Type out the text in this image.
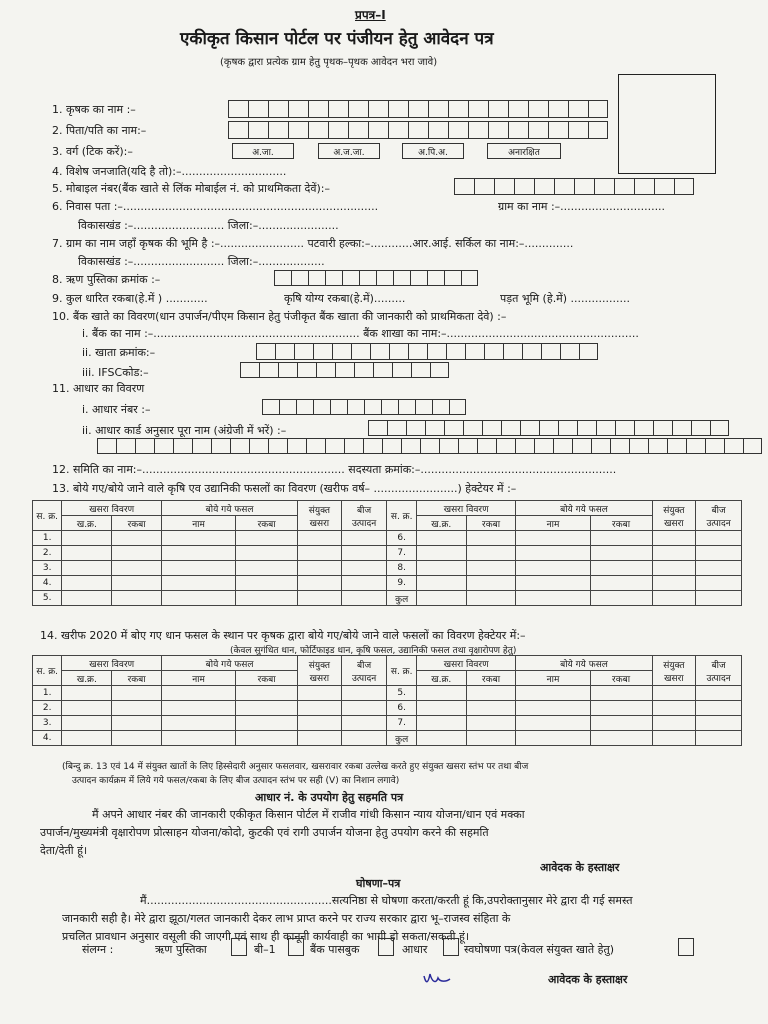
प्रपत्र–I
एकीकृत किसान पोर्टल पर पंजीयन हेतु आवेदन पत्र
(कृषक द्वारा प्रत्येक ग्राम हेतु पृथक–पृथक आवेदन भरा जावे)
1. कृषक का नाम :–
2. पिता/पति का नाम:–
3. वर्ग (टिक करें):–	अ.जा.	अ.ज.जा.	अ.पि.अ.	अनारक्षित
4. विशेष जनजाति(यदि है तो):–..............................
5. मोबाइल नंबर(बैंक खाते से लिंक मोबाईल नं. को प्राथमिकता देवें):–
6. निवास पता :–.........................................................................	ग्राम का नाम :–..............................
विकासखंड :–.......................... जिला:–.......................
7. ग्राम का नाम जहाँ कृषक की भूमि है :–........................ पटवारी हल्का:–............आर.आई. सर्किल का नाम:–..............
विकासखंड :–.......................... जिला:–...................
8. ऋण पुस्तिका क्रमांक :–
9. कुल धारित रकबा(हे.में ) ............	कृषि योग्य रकबा(हे.में).........	पड़त भूमि (हे.में) .................
10. बैंक खाते का विवरण(धान उपार्जन/पीएम किसान हेतु पंजीकृत बैंक खाता की जानकारी को प्राथमिकता देवे) :–
i. बैंक का नाम :–........................................................... बैंक शाखा का नाम:–.......................................................
ii. खाता क्रमांक:–
iii. IFSCकोड:–
11. आधार का विवरण
i. आधार नंबर :–
ii. आधार कार्ड अनुसार पूरा नाम (अंग्रेजी में भरें) :–
12. समिति का नाम:–.......................................................... सदस्यता क्रमांक:–........................................................
13. बोये गए/बोये जाने वाले कृषि एव उद्यानिकी फसलों का विवरण (खरीफ वर्ष– ........................) हेक्टेयर में :–
स. क्र.	खसरा विवरण		बोये गये फसल		संयुक्त खसरा	बीज उत्पादन	स. क्र.	खसरा विवरण		बोये गये फसल		संयुक्त खसरा	बीज उत्पादन
	ख.क्र.	रकबा	नाम	रकबा				ख.क्र.	रकबा	नाम	रकबा		
1.							6.						
2.							7.						
3.							8.						
4.							9.						
5.							कुल						
14. खरीफ 2020 में बोए गए धान फसल के स्थान पर कृषक द्वारा बोये गए/बोये जाने वाले फसलों का विवरण हेक्टेयर में:–
(केवल सुगंधित धान, फोर्टिफाइड धान, कृषि फसल, उद्यानिकी फसल तथा वृक्षारोपण हेतु)
स. क्र.	खसरा विवरण		बोये गये फसल		संयुक्त खसरा	बीज उत्पादन	स. क्र.	खसरा विवरण		बोये गये फसल		संयुक्त खसरा	बीज उत्पादन
	ख.क्र.	रकबा	नाम	रकबा				ख.क्र.	रकबा	नाम	रकबा		
1.							5.						
2.							6.						
3.							7.						
4.							कुल						
(बिन्दु क्र. 13 एवं 14 में संयुक्त खातों के लिए हिस्सेदारी अनुसार फसलवार, खसरावार रकबा उल्लेख करते हुए संयुक्त खसरा स्तंभ पर तथा बीज
उत्पादन कार्यक्रम में लिये गये फसल/रकबा के लिए बीज उत्पादन स्तंभ पर सही (V) का निशान लगावे)
आधार नं. के उपयोग हेतु सहमति पत्र
मैं अपने आधार नंबर की जानकारी एकीकृत किसान पोर्टल में राजीव गांधी किसान न्याय योजना/धान एवं मक्का
उपार्जन/मुख्यमंत्री वृक्षारोपण प्रोत्साहन योजना/कोदो, कुटकी एवं रागी उपार्जन योजना हेतु उपयोग करने की सहमति
देता/देती हूं।
आवेदक के हस्ताक्षर
घोषणा–पत्र
मैं.....................................................सत्यनिष्ठा से घोषणा करता/करती हूं कि,उपरोक्तानुसार मेरे द्वारा दी गई समस्त
जानकारी सही है। मेरे द्वारा झूठा/गलत जानकारी देकर लाभ प्राप्त करने पर राज्य सरकार द्वारा भू–राजस्व संहिता के
प्रचलित प्रावधान अनुसार वसूली की जाएगी एवं साथ ही कानूनी कार्यवाही का भागी हो सकता/सकती हूं।
संलग्न :	ऋण पुस्तिका	बी–1	बैंक पासबुक	आधार	स्वघोषणा पत्र(केवल संयुक्त खाते हेतु)
आवेदक के हस्ताक्षर
